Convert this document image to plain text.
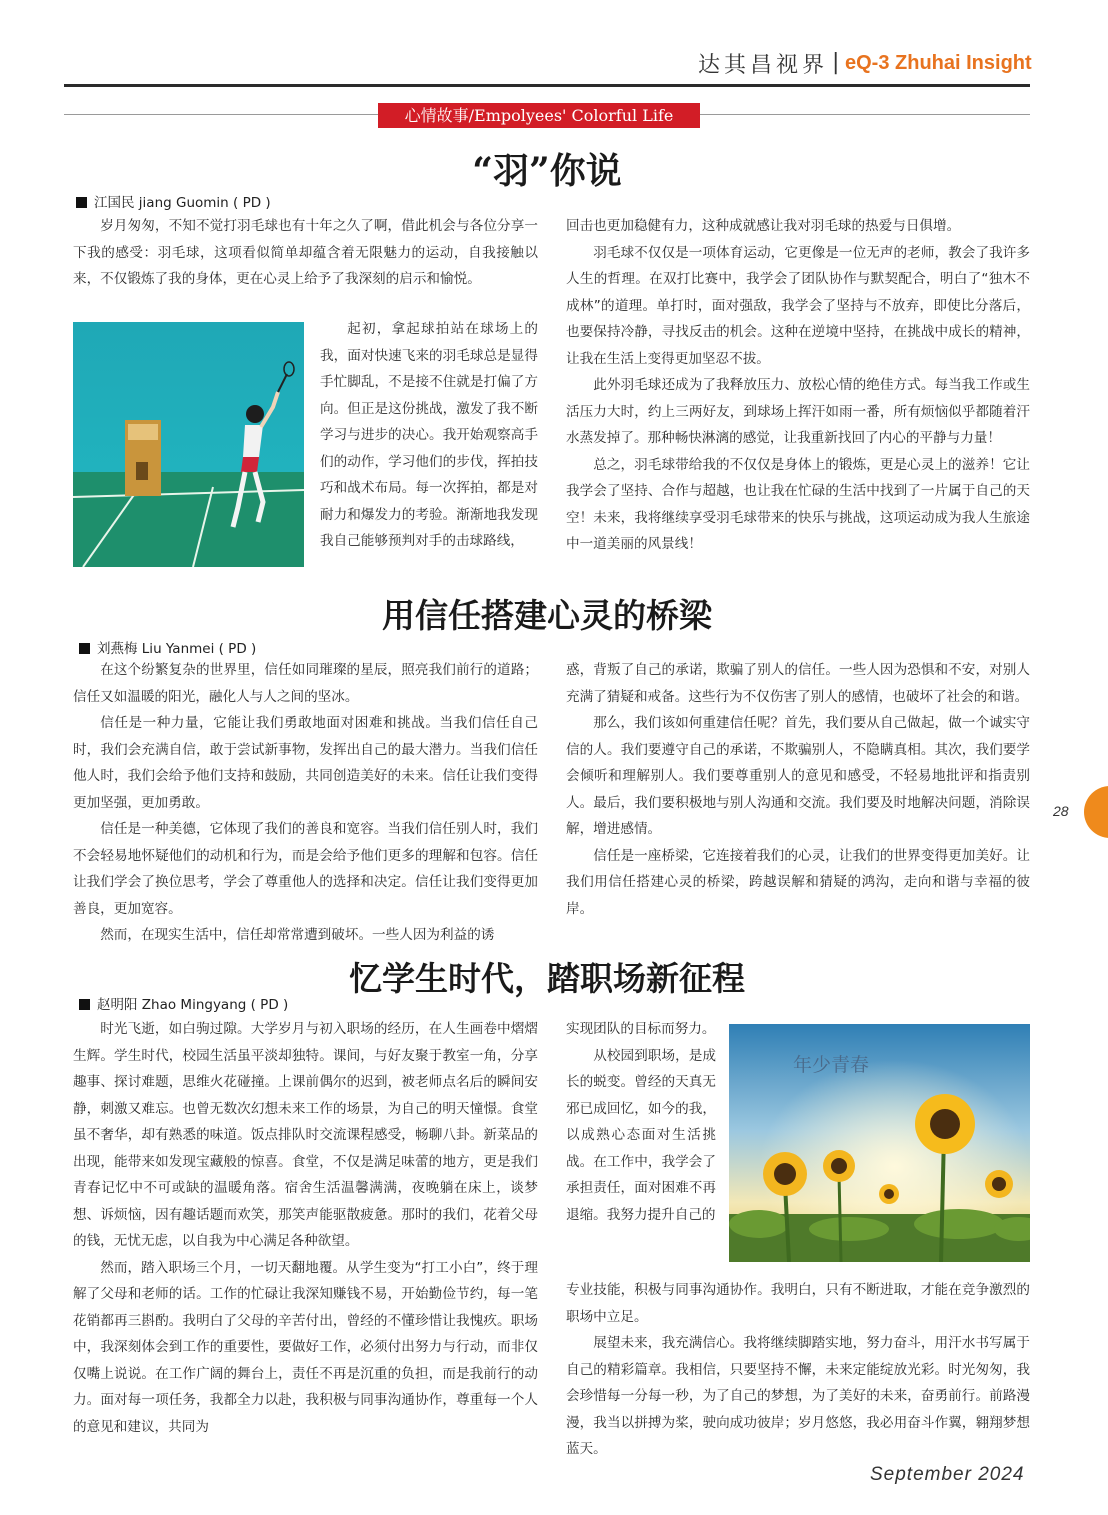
达其昌视界 | eQ-3 Zhuhai Insight
心情故事/Empolyees' Colorful Life
“羽”你说
江国民 jiang Guomin ( PD )

岁月匆匆，不知不觉打羽毛球也有十年之久了啊，借此机会与各位分享一下我的感受：羽毛球，这项看似简单却蕴含着无限魅力的运动，自我接触以来，不仅锻炼了我的身体，更在心灵上给予了我深刻的启示和愉悦。

起初，拿起球拍站在球场上的我，面对快速飞来的羽毛球总是显得手忙脚乱，不是接不住就是打偏了方向。但正是这份挑战，激发了我不断学习与进步的决心。我开始观察高手们的动作，学习他们的步伐，挥拍技巧和战术布局。每一次挥拍，都是对耐力和爆发力的考验。渐渐地我发现我自己能够预判对手的击球路线，

回击也更加稳健有力，这种成就感让我对羽毛球的热爱与日俱增。

羽毛球不仅仅是一项体育运动，它更像是一位无声的老师，教会了我许多人生的哲理。在双打比赛中，我学会了团队协作与默契配合，明白了“独木不成林”的道理。单打时，面对强敌，我学会了坚持与不放弃，即使比分落后，也要保持冷静，寻找反击的机会。这种在逆境中坚持，在挑战中成长的精神，让我在生活上变得更加坚忍不拔。

此外羽毛球还成为了我释放压力、放松心情的绝佳方式。每当我工作或生活压力大时，约上三两好友，到球场上挥汗如雨一番，所有烦恼似乎都随着汗水蒸发掉了。那种畅快淋漓的感觉，让我重新找回了内心的平静与力量！

总之，羽毛球带给我的不仅仅是身体上的锻炼，更是心灵上的滋养！它让我学会了坚持、合作与超越，也让我在忙碌的生活中找到了一片属于自己的天空！未来，我将继续享受羽毛球带来的快乐与挑战，这项运动成为我人生旅途中一道美丽的风景线！

用信任搭建心灵的桥梁
刘燕梅 Liu Yanmei ( PD )

在这个纷繁复杂的世界里，信任如同璀璨的星辰，照亮我们前行的道路；信任又如温暖的阳光，融化人与人之间的坚冰。

信任是一种力量，它能让我们勇敢地面对困难和挑战。当我们信任自己时，我们会充满自信，敢于尝试新事物，发挥出自己的最大潜力。当我们信任他人时，我们会给予他们支持和鼓励，共同创造美好的未来。信任让我们变得更加坚强，更加勇敢。

信任是一种美德，它体现了我们的善良和宽容。当我们信任别人时，我们不会轻易地怀疑他们的动机和行为，而是会给予他们更多的理解和包容。信任让我们学会了换位思考，学会了尊重他人的选择和决定。信任让我们变得更加善良，更加宽容。

然而，在现实生活中，信任却常常遭到破坏。一些人因为利益的诱

惑，背叛了自己的承诺，欺骗了别人的信任。一些人因为恐惧和不安，对别人充满了猜疑和戒备。这些行为不仅伤害了别人的感情，也破坏了社会的和谐。

那么，我们该如何重建信任呢？首先，我们要从自己做起，做一个诚实守信的人。我们要遵守自己的承诺，不欺骗别人，不隐瞒真相。其次，我们要学会倾听和理解别人。我们要尊重别人的意见和感受，不轻易地批评和指责别人。最后，我们要积极地与别人沟通和交流。我们要及时地解决问题，消除误解，增进感情。

信任是一座桥梁，它连接着我们的心灵，让我们的世界变得更加美好。让我们用信任搭建心灵的桥梁，跨越误解和猜疑的鸿沟，走向和谐与幸福的彼岸。

28
忆学生时代，踏职场新征程
赵明阳 Zhao Mingyang ( PD )

时光飞逝，如白驹过隙。大学岁月与初入职场的经历，在人生画卷中熠熠生辉。学生时代，校园生活虽平淡却独特。课间，与好友聚于教室一角，分享趣事、探讨难题，思维火花碰撞。上课前偶尔的迟到，被老师点名后的瞬间安静，刺激又难忘。也曾无数次幻想未来工作的场景，为自己的明天憧憬。食堂虽不奢华，却有熟悉的味道。饭点排队时交流课程感受，畅聊八卦。新菜品的出现，能带来如发现宝藏般的惊喜。食堂，不仅是满足味蕾的地方，更是我们青春记忆中不可或缺的温暖角落。宿舍生活温馨满满，夜晚躺在床上，谈梦想、诉烦恼，因有趣话题而欢笑，那笑声能驱散疲惫。那时的我们，花着父母的钱，无忧无虑，以自我为中心满足各种欲望。

然而，踏入职场三个月，一切天翻地覆。从学生变为“打工小白”，终于理解了父母和老师的话。工作的忙碌让我深知赚钱不易，开始勤俭节约，每一笔花销都再三斟酌。我明白了父母的辛苦付出，曾经的不懂珍惜让我愧疚。职场中，我深刻体会到工作的重要性，要做好工作，必须付出努力与行动，而非仅仅嘴上说说。在工作广阔的舞台上，责任不再是沉重的负担，而是我前行的动力。面对每一项任务，我都全力以赴，我积极与同事沟通协作，尊重每一个人的意见和建议，共同为

实现团队的目标而努力。

从校园到职场，是成长的蜕变。曾经的天真无邪已成回忆，如今的我，以成熟心态面对生活挑战。在工作中，我学会了承担责任，面对困难不再退缩。我努力提升自己的

年少青春

专业技能，积极与同事沟通协作。我明白，只有不断进取，才能在竞争激烈的职场中立足。

展望未来，我充满信心。我将继续脚踏实地，努力奋斗，用汗水书写属于自己的精彩篇章。我相信，只要坚持不懈，未来定能绽放光彩。时光匆匆，我会珍惜每一分每一秒，为了自己的梦想，为了美好的未来，奋勇前行。前路漫漫，我当以拼搏为桨，驶向成功彼岸；岁月悠悠，我必用奋斗作翼，翱翔梦想蓝天。

September 2024
